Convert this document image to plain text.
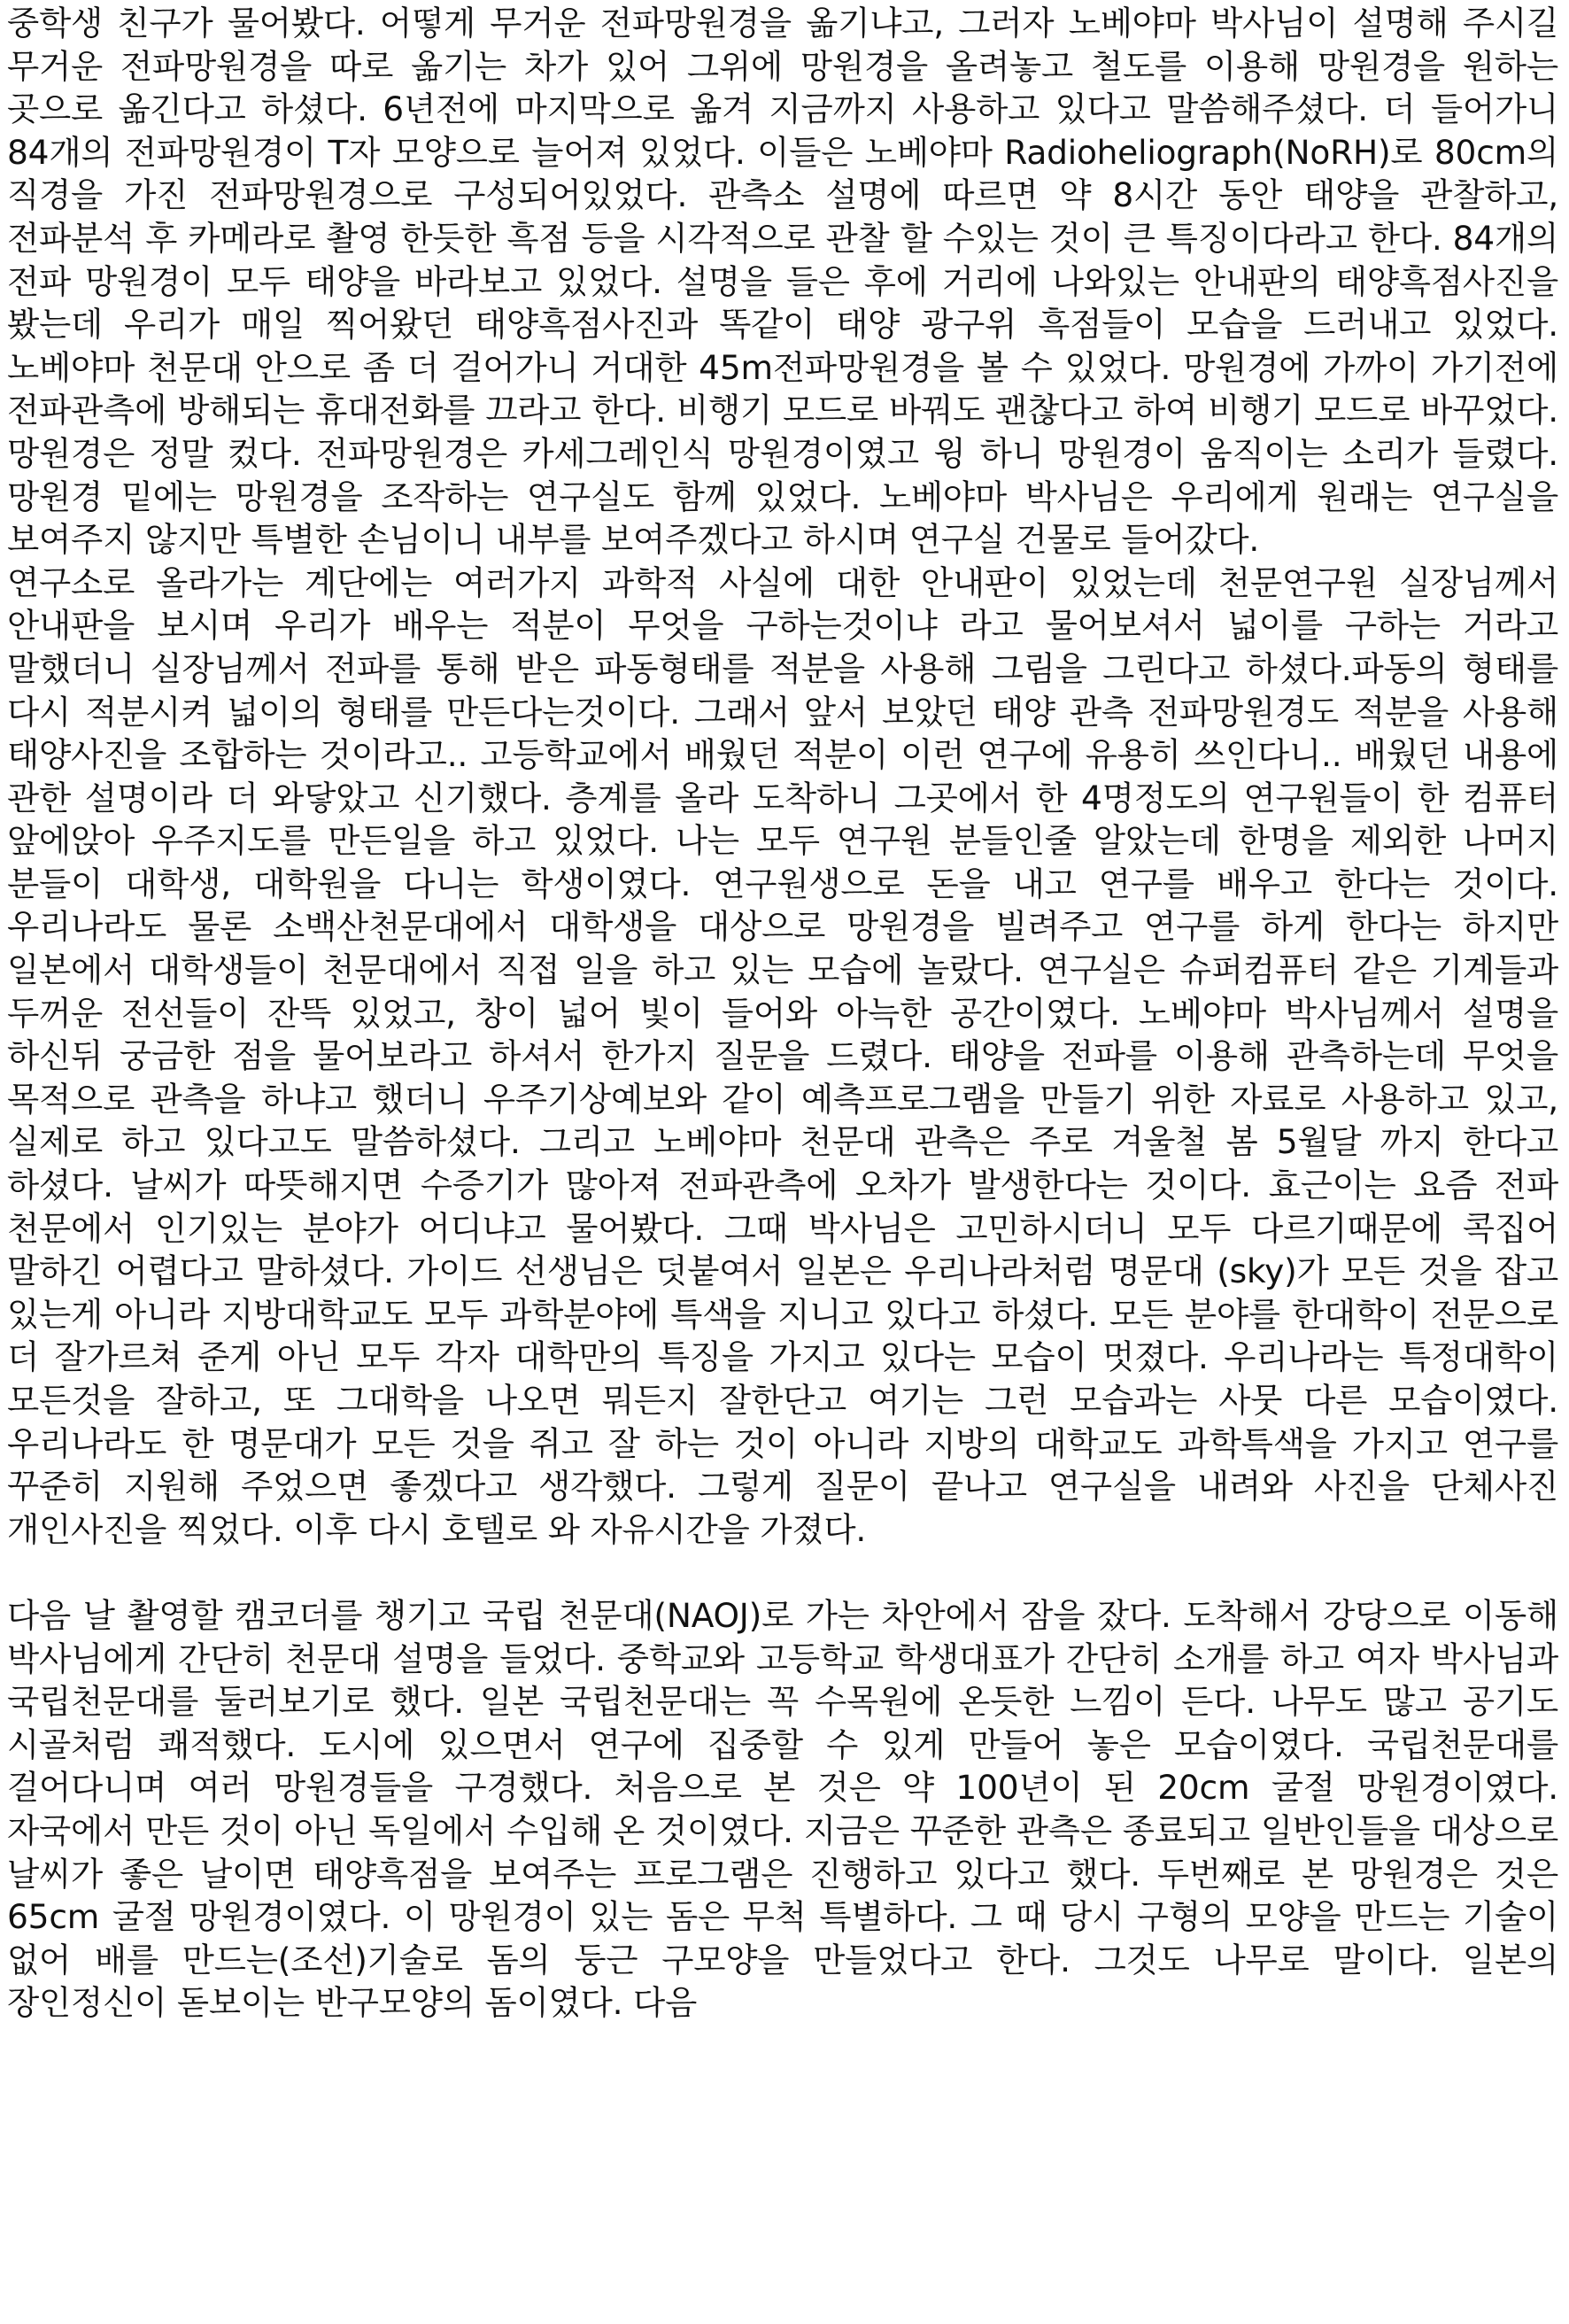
중학생 친구가 물어봤다. 어떻게 무거운 전파망원경을 옮기냐고, 그러자 노베야마 박사님이 설명해 주시길 무거운 전파망원경을 따로 옮기는 차가 있어 그위에 망원경을 올려놓고 철도를 이용해 망원경을 원하는 곳으로 옮긴다고 하셨다. 6년전에 마지막으로 옮겨 지금까지 사용하고 있다고 말씀해주셨다. 더 들어가니 84개의 전파망원경이 T자 모양으로 늘어져 있었다. 이들은 노베야마 Radioheliograph(NoRH)로 80cm의 직경을 가진 전파망원경으로 구성되어있었다. 관측소 설명에 따르면 약 8시간 동안 태양을 관찰하고, 전파분석 후 카메라로 촬영 한듯한 흑점 등을 시각적으로 관찰 할 수있는 것이 큰 특징이다라고 한다. 84개의 전파 망원경이 모두 태양을 바라보고 있었다. 설명을 들은 후에 거리에 나와있는 안내판의 태양흑점사진을 봤는데 우리가 매일 찍어왔던 태양흑점사진과 똑같이 태양 광구위 흑점들이 모습을 드러내고 있었다. 노베야마 천문대 안으로 좀 더 걸어가니 거대한 45m전파망원경을 볼 수 있었다. 망원경에 가까이 가기전에 전파관측에 방해되는 휴대전화를 끄라고 한다. 비행기 모드로 바꿔도 괜찮다고 하여 비행기 모드로 바꾸었다. 망원경은 정말 컸다. 전파망원경은 카세그레인식 망원경이였고 윙 하니 망원경이 움직이는 소리가 들렸다. 망원경 밑에는 망원경을 조작하는 연구실도 함께 있었다. 노베야마 박사님은 우리에게 원래는 연구실을 보여주지 않지만 특별한 손님이니 내부를 보여주겠다고 하시며 연구실 건물로 들어갔다.

연구소로 올라가는 계단에는 여러가지 과학적 사실에 대한 안내판이 있었는데 천문연구원 실장님께서 안내판을 보시며 우리가 배우는 적분이 무엇을 구하는것이냐 라고 물어보셔서 넓이를 구하는 거라고 말했더니 실장님께서 전파를 통해 받은 파동형태를 적분을 사용해 그림을 그린다고 하셨다.파동의 형태를 다시 적분시켜 넓이의 형태를 만든다는것이다. 그래서 앞서 보았던 태양 관측 전파망원경도 적분을 사용해 태양사진을 조합하는 것이라고.. 고등학교에서 배웠던 적분이 이런 연구에 유용히 쓰인다니.. 배웠던 내용에 관한 설명이라 더 와닿았고 신기했다. 층계를 올라 도착하니 그곳에서 한 4명정도의 연구원들이 한 컴퓨터 앞에앉아 우주지도를 만든일을 하고 있었다. 나는 모두 연구원 분들인줄 알았는데 한명을 제외한 나머지 분들이 대학생, 대학원을 다니는 학생이였다. 연구원생으로 돈을 내고 연구를 배우고 한다는 것이다. 우리나라도 물론 소백산천문대에서 대학생을 대상으로 망원경을 빌려주고 연구를 하게 한다는 하지만 일본에서 대학생들이 천문대에서 직접 일을 하고 있는 모습에 놀랐다. 연구실은 슈퍼컴퓨터 같은 기계들과 두꺼운 전선들이 잔뜩 있었고, 창이 넓어 빛이 들어와 아늑한 공간이였다. 노베야마 박사님께서 설명을 하신뒤 궁금한 점을 물어보라고 하셔서 한가지 질문을 드렸다. 태양을 전파를 이용해 관측하는데 무엇을 목적으로 관측을 하냐고 했더니 우주기상예보와 같이 예측프로그램을 만들기 위한 자료로 사용하고 있고, 실제로 하고 있다고도 말씀하셨다. 그리고 노베야마 천문대 관측은 주로 겨울철 봄 5월달 까지 한다고 하셨다. 날씨가 따뜻해지면 수증기가 많아져 전파관측에 오차가 발생한다는 것이다. 효근이는 요즘 전파 천문에서 인기있는 분야가 어디냐고 물어봤다. 그때 박사님은 고민하시더니 모두 다르기때문에 콕집어 말하긴 어렵다고 말하셨다. 가이드 선생님은 덧붙여서 일본은 우리나라처럼 명문대 (sky)가 모든 것을 잡고 있는게 아니라 지방대학교도 모두 과학분야에 특색을 지니고 있다고 하셨다. 모든 분야를 한대학이 전문으로 더 잘가르쳐 준게 아닌 모두 각자 대학만의 특징을 가지고 있다는 모습이 멋졌다. 우리나라는 특정대학이 모든것을 잘하고, 또 그대학을 나오면 뭐든지 잘한단고 여기는 그런 모습과는 사뭇 다른 모습이였다.우리나라도 한 명문대가 모든 것을 쥐고 잘 하는 것이 아니라 지방의 대학교도 과학특색을 가지고 연구를 꾸준히 지원해 주었으면 좋겠다고 생각했다. 그렇게 질문이 끝나고 연구실을 내려와 사진을 단체사진 개인사진을 찍었다. 이후 다시 호텔로 와 자유시간을 가졌다.

다음 날 촬영할 캠코더를 챙기고 국립 천문대(NAOJ)로 가는 차안에서 잠을 잤다. 도착해서 강당으로 이동해 박사님에게 간단히 천문대 설명을 들었다. 중학교와 고등학교 학생대표가 간단히 소개를 하고 여자 박사님과 국립천문대를 둘러보기로 했다. 일본 국립천문대는 꼭 수목원에 온듯한 느낌이 든다. 나무도 많고 공기도 시골처럼 쾌적했다. 도시에 있으면서 연구에 집중할 수 있게 만들어 놓은 모습이였다. 국립천문대를 걸어다니며 여러 망원경들을 구경했다. 처음으로 본 것은 약 100년이 된 20cm 굴절 망원경이였다. 자국에서 만든 것이 아닌 독일에서 수입해 온 것이였다. 지금은 꾸준한 관측은 종료되고 일반인들을 대상으로 날씨가 좋은 날이면 태양흑점을 보여주는 프로그램은 진행하고 있다고 했다. 두번째로 본 망원경은 것은 65cm 굴절 망원경이였다. 이 망원경이 있는 돔은 무척 특별하다. 그 때 당시 구형의 모양을 만드는 기술이 없어 배를 만드는(조선)기술로 돔의 둥근 구모양을 만들었다고 한다. 그것도 나무로 말이다. 일본의 장인정신이 돋보이는 반구모양의 돔이였다. 다음
